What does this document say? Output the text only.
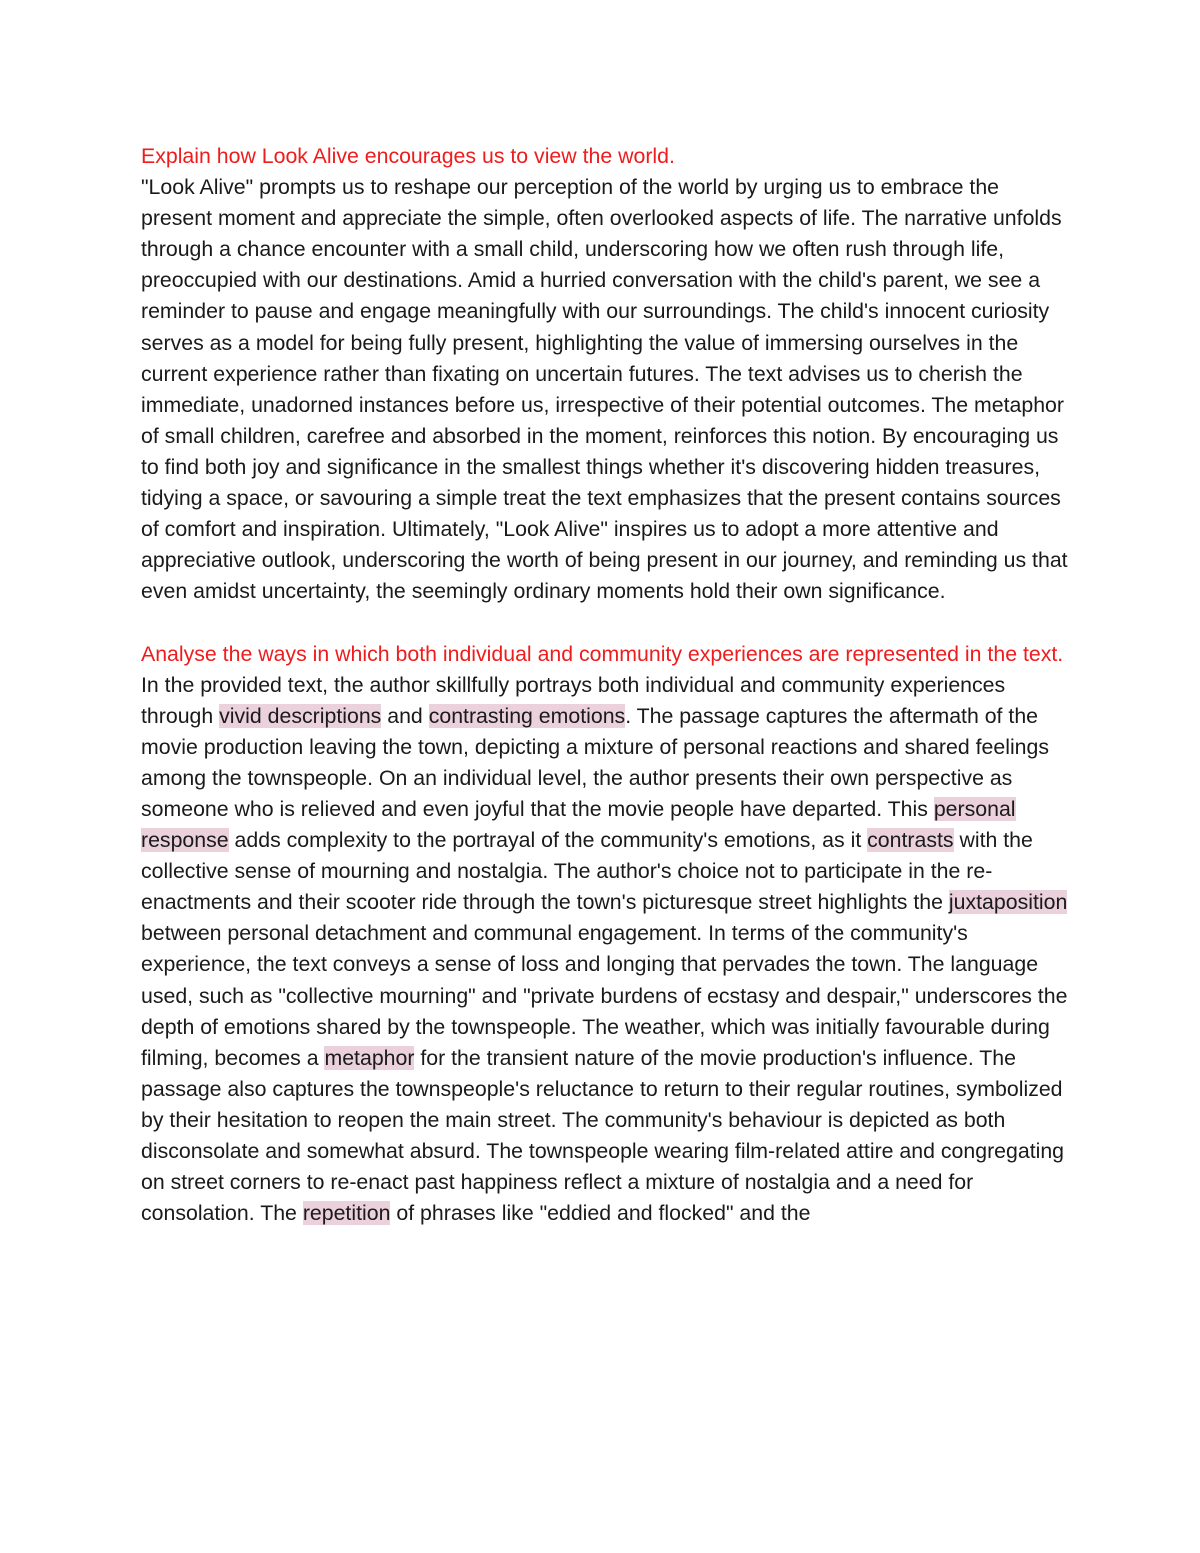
Explain how Look Alive encourages us to view the world.

"Look Alive" prompts us to reshape our perception of the world by urging us to embrace the present moment and appreciate the simple, often overlooked aspects of life. The narrative unfolds through a chance encounter with a small child, underscoring how we often rush through life, preoccupied with our destinations. Amid a hurried conversation with the child's parent, we see a reminder to pause and engage meaningfully with our surroundings. The child's innocent curiosity serves as a model for being fully present, highlighting the value of immersing ourselves in the current experience rather than fixating on uncertain futures. The text advises us to cherish the immediate, unadorned instances before us, irrespective of their potential outcomes. The metaphor of small children, carefree and absorbed in the moment, reinforces this notion. By encouraging us to find both joy and significance in the smallest things whether it's discovering hidden treasures, tidying a space, or savouring a simple treat the text emphasizes that the present contains sources of comfort and inspiration. Ultimately, "Look Alive" inspires us to adopt a more attentive and appreciative outlook, underscoring the worth of being present in our journey, and reminding us that even amidst uncertainty, the seemingly ordinary moments hold their own significance.

Analyse the ways in which both individual and community experiences are represented in the text.

In the provided text, the author skillfully portrays both individual and community experiences through vivid descriptions and contrasting emotions. The passage captures the aftermath of the movie production leaving the town, depicting a mixture of personal reactions and shared feelings among the townspeople. On an individual level, the author presents their own perspective as someone who is relieved and even joyful that the movie people have departed. This personal response adds complexity to the portrayal of the community's emotions, as it contrasts with the collective sense of mourning and nostalgia. The author's choice not to participate in the re-enactments and their scooter ride through the town's picturesque street highlights the juxtaposition between personal detachment and communal engagement. In terms of the community's experience, the text conveys a sense of loss and longing that pervades the town. The language used, such as "collective mourning" and "private burdens of ecstasy and despair," underscores the depth of emotions shared by the townspeople. The weather, which was initially favourable during filming, becomes a metaphor for the transient nature of the movie production's influence. The passage also captures the townspeople's reluctance to return to their regular routines, symbolized by their hesitation to reopen the main street. The community's behaviour is depicted as both disconsolate and somewhat absurd. The townspeople wearing film-related attire and congregating on street corners to re-enact past happiness reflect a mixture of nostalgia and a need for consolation. The repetition of phrases like "eddied and flocked" and the
